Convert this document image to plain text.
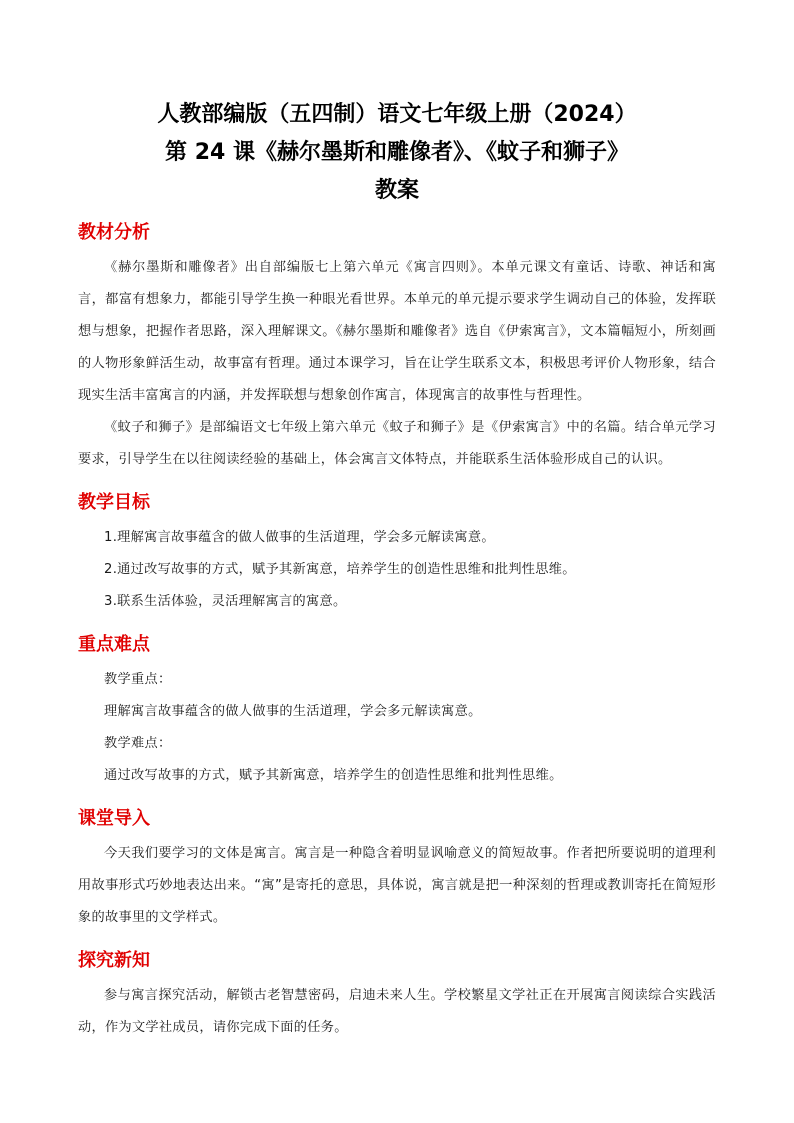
人教部编版（五四制）语文七年级上册（2024）
第 24 课《赫尔墨斯和雕像者》、《蚊子和狮子》
教案
教材分析

《赫尔墨斯和雕像者》出自部编版七上第六单元《寓言四则》。本单元课文有童话、诗歌、神话和寓言，都富有想象力，都能引导学生换一种眼光看世界。本单元的单元提示要求学生调动自己的体验，发挥联想与想象，把握作者思路，深入理解课文。《赫尔墨斯和雕像者》选自《伊索寓言》，文本篇幅短小，所刻画的人物形象鲜活生动，故事富有哲理。通过本课学习，旨在让学生联系文本，积极思考评价人物形象，结合现实生活丰富寓言的内涵，并发挥联想与想象创作寓言，体现寓言的故事性与哲理性。

《蚊子和狮子》是部编语文七年级上第六单元《蚊子和狮子》是《伊索寓言》中的名篇。结合单元学习要求，引导学生在以往阅读经验的基础上，体会寓言文体特点，并能联系生活体验形成自己的认识。

教学目标

1.理解寓言故事蕴含的做人做事的生活道理，学会多元解读寓意。

2.通过改写故事的方式，赋予其新寓意，培养学生的创造性思维和批判性思维。

3.联系生活体验，灵活理解寓言的寓意。

重点难点

教学重点：

理解寓言故事蕴含的做人做事的生活道理，学会多元解读寓意。

教学难点：

通过改写故事的方式，赋予其新寓意，培养学生的创造性思维和批判性思维。

课堂导入

今天我们要学习的文体是寓言。寓言是一种隐含着明显讽喻意义的简短故事。作者把所要说明的道理利用故事形式巧妙地表达出来。“寓”是寄托的意思，具体说，寓言就是把一种深刻的哲理或教训寄托在简短形象的故事里的文学样式。

探究新知

参与寓言探究活动，解锁古老智慧密码，启迪未来人生。学校繁星文学社正在开展寓言阅读综合实践活动，作为文学社成员，请你完成下面的任务。
